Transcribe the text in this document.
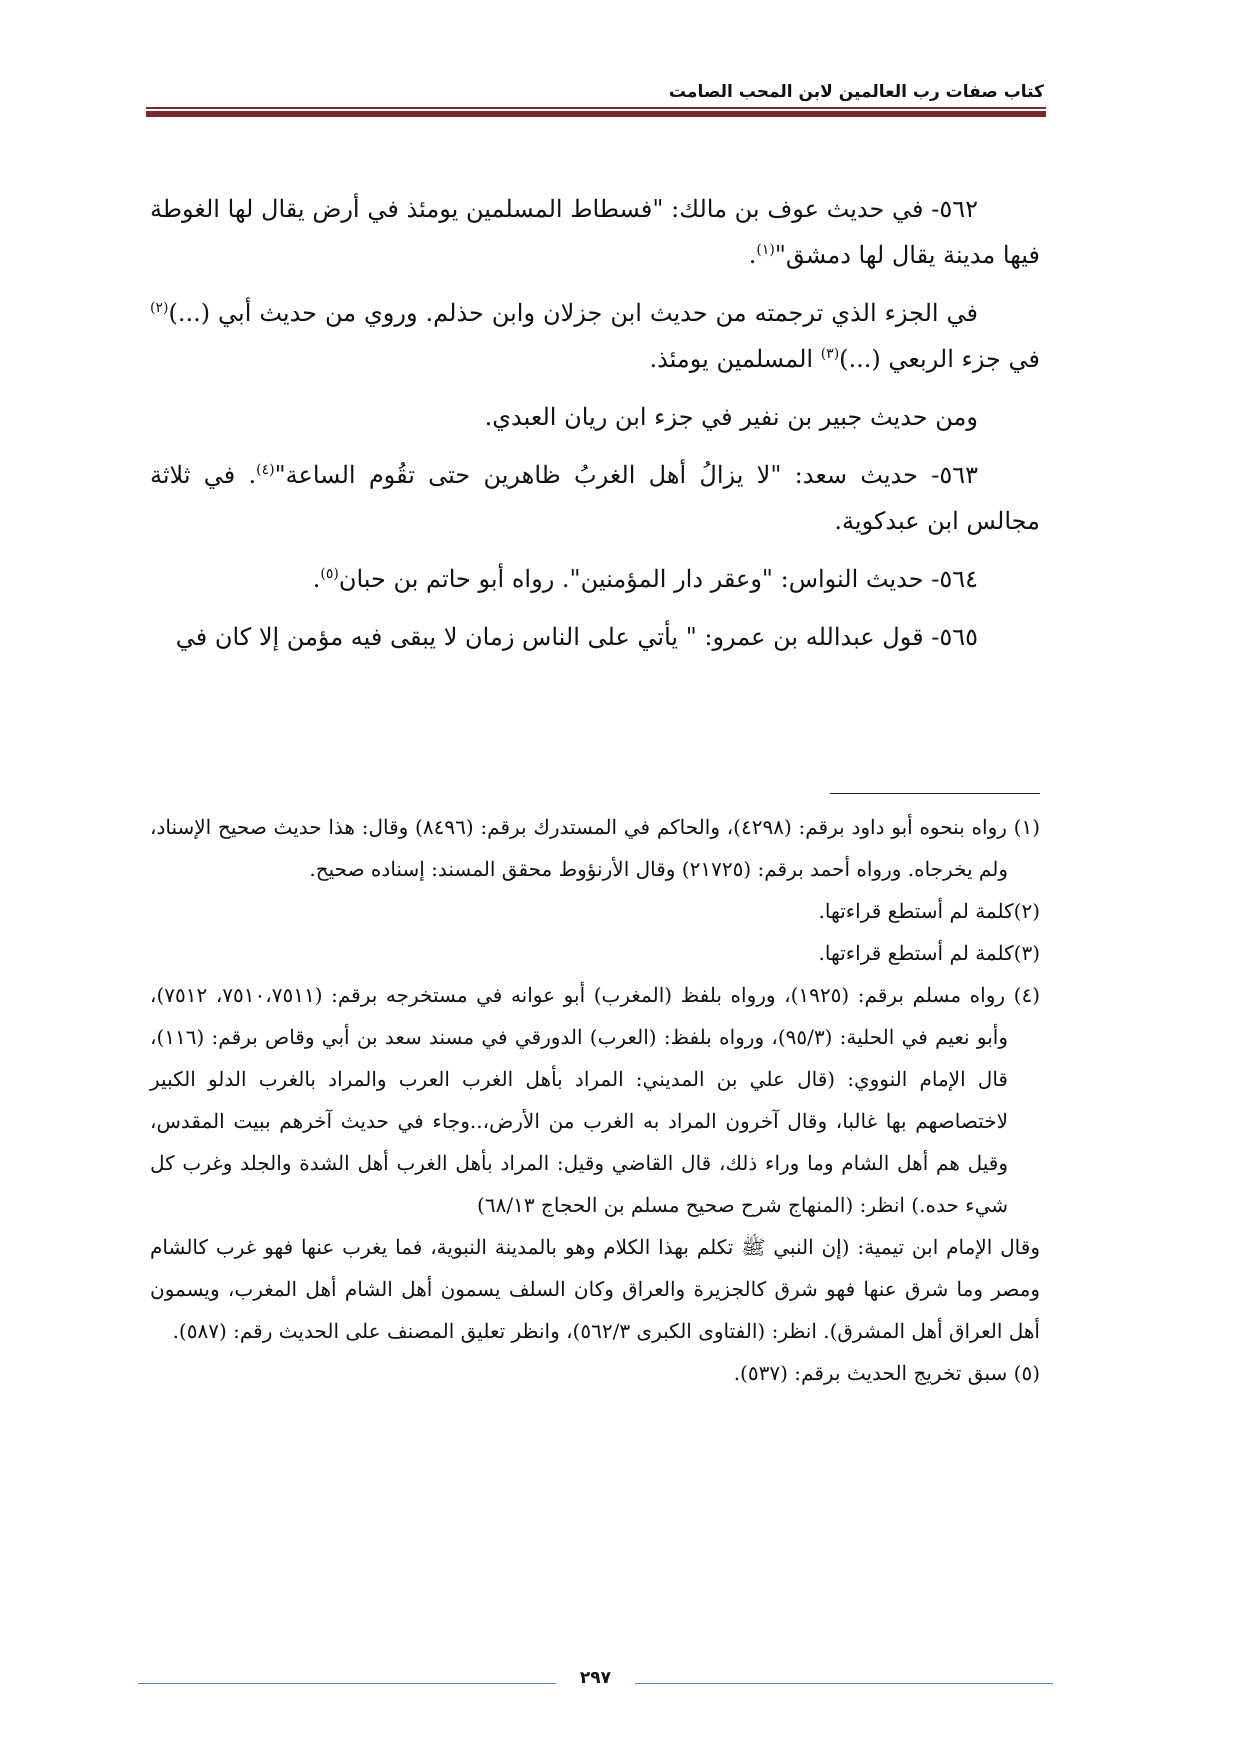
كتاب صفات رب العالمين لابن المحب الصامت

٥٦٢- في حديث عوف بن مالك: "فسطاط المسلمين يومئذ في أرض يقال لها الغوطة فيها مدينة يقال لها دمشق"$^{(١)}$.

في الجزء الذي ترجمته من حديث ابن جزلان وابن حذلم. وروي من حديث أبي (...)$^{(٢)}$ في جزء الربعي (...)$^{(٣)}$ المسلمين يومئذ.

ومن حديث جبير بن نفير في جزء ابن ريان العبدي.

٥٦٣- حديث سعد: "لا يزالُ أهل الغربُ ظاهرين حتى تقُوم الساعة"$^{(٤)}$. في ثلاثة مجالس ابن عبدكوية.

٥٦٤- حديث النواس: "وعقر دار المؤمنين". رواه أبو حاتم بن حبان$^{(٥)}$.

٥٦٥- قول عبدالله بن عمرو: " يأتي على الناس زمان لا يبقى فيه مؤمن إلا كان في

(١) رواه بنحوه أبو داود برقم: (٤٢٩٨)، والحاكم في المستدرك برقم: (٨٤٩٦) وقال: هذا حديث صحيح الإسناد، ولم يخرجاه. ورواه أحمد برقم: (٢١٧٢٥) وقال الأرنؤوط محقق المسند: إسناده صحيح.

(٢)كلمة لم أستطع قراءتها.

(٣)كلمة لم أستطع قراءتها.

(٤) رواه مسلم برقم: (١٩٢٥)، ورواه بلفظ (المغرب) أبو عوانه في مستخرجه برقم: (٧٥١٠،٧٥١١، ٧٥١٢)، وأبو نعيم في الحلية: (٩٥/٣)، ورواه بلفظ: (العرب) الدورقي في مسند سعد بن أبي وقاص برقم: (١١٦)، قال الإمام النووي: (قال علي بن المديني: المراد بأهل الغرب العرب والمراد بالغرب الدلو الكبير لاختصاصهم بها غالبا، وقال آخرون المراد به الغرب من الأرض،..وجاء في حديث آخرهم ببيت المقدس، وقيل هم أهل الشام وما وراء ذلك، قال القاضي وقيل: المراد بأهل الغرب أهل الشدة والجلد وغرب كل شيء حده.) انظر: (المنهاج شرح صحيح مسلم بن الحجاج ٦٨/١٣)

وقال الإمام ابن تيمية: (إن النبي ﷺ تكلم بهذا الكلام وهو بالمدينة النبوية، فما يغرب عنها فهو غرب كالشام ومصر وما شرق عنها فهو شرق كالجزيرة والعراق وكان السلف يسمون أهل الشام أهل المغرب، ويسمون أهل العراق أهل المشرق). انظر: (الفتاوى الكبرى ٥٦٢/٣)، وانظر تعليق المصنف على الحديث رقم: (٥٨٧).

(٥) سبق تخريج الحديث برقم: (٥٣٧).

٢٩٧
